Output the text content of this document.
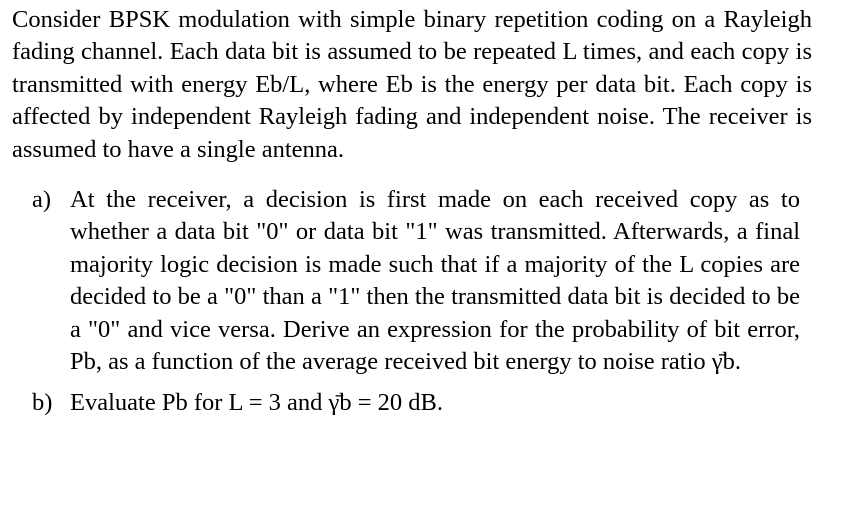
Consider BPSK modulation with simple binary repetition coding on a Rayleigh fading channel. Each data bit is assumed to be repeated L times, and each copy is transmitted with energy Eb/L, where Eb is the energy per data bit. Each copy is affected by independent Rayleigh fading and independent noise. The receiver is assumed to have a single antenna.

a) At the receiver, a decision is first made on each received copy as to whether a data bit "0" or data bit "1" was transmitted. Afterwards, a final majority logic decision is made such that if a majority of the L copies are decided to be a "0" than a "1" then the transmitted data bit is decided to be a "0" and vice versa. Derive an expression for the probability of bit error, Pb, as a function of the average received bit energy to noise ratio γ̄b.

b) Evaluate Pb for L = 3 and γ̄b = 20 dB.
